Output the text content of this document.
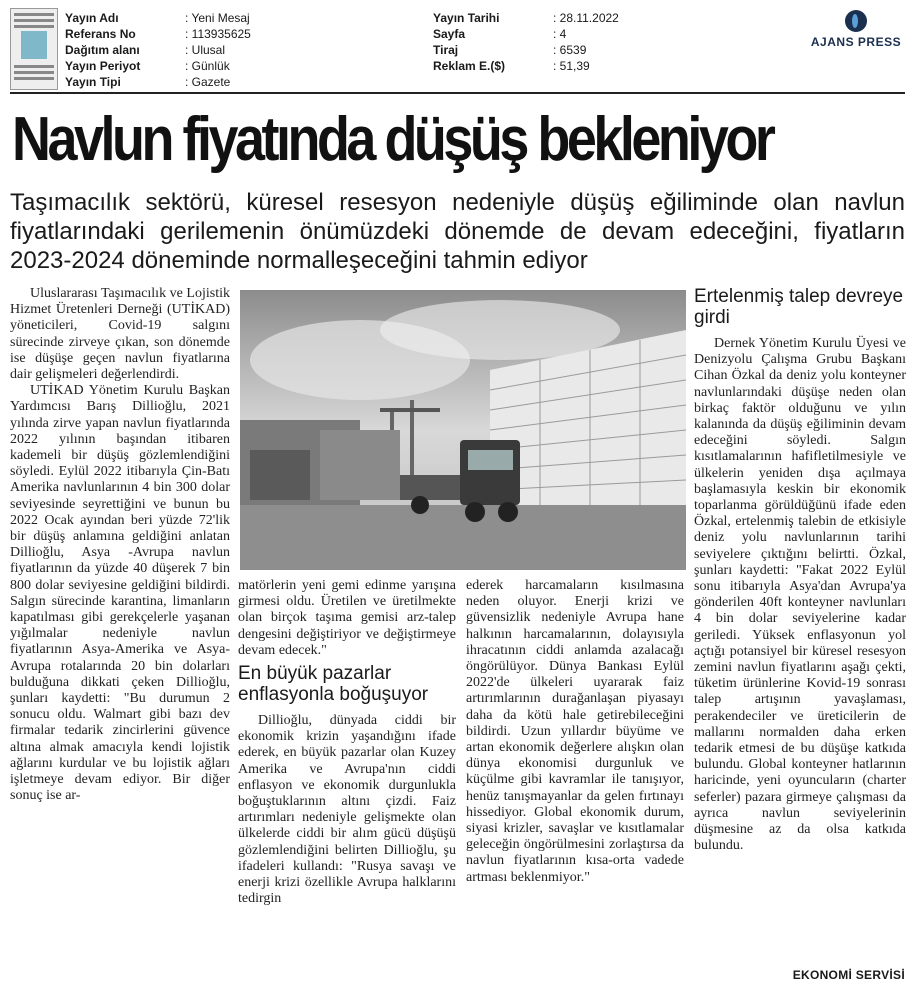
Yayın Adı	: Yeni Mesaj
Referans No	: 113935625
Dağıtım alanı	: Ulusal
Yayın Periyot	: Günlük
Yayın Tipi	: Gazete
Yayın Tarihi	: 28.11.2022
Sayfa	: 4
Tiraj	: 6539
Reklam E.($)	: 51,39
AJANS PRESS
Navlun fiyatında düşüş bekleniyor
Taşımacılık sektörü, küresel resesyon nedeniyle düşüş eğiliminde olan navlun fiyatlarındaki gerilemenin önümüzdeki dönemde de devam edeceğini, fiyatların 2023-2024 döneminde normalleşeceğini tahmin ediyor

Uluslararası Taşımacılık ve Lojistik Hizmet Üretenleri Derneği (UTİKAD) yöneticileri, Covid-19 salgını sürecinde zirveye çıkan, son dönemde ise düşüşe geçen navlun fiyatlarına dair gelişmeleri değerlendirdi.

UTİKAD Yönetim Kurulu Başkan Yardımcısı Barış Dillioğlu, 2021 yılında zirve yapan navlun fiyatlarında 2022 yılının başından itibaren kademeli bir düşüş gözlemlendiğini söyledi. Eylül 2022 itibarıyla Çin-Batı Amerika navlunlarının 4 bin 300 dolar seviyesinde seyrettiğini ve bunun bu 2022 Ocak ayından beri yüzde 72'lik bir düşüş anlamına geldiğini anlatan Dillioğlu, Asya -Avrupa navlun fiyatlarının da yüzde 40 düşerek 7 bin 800 dolar seviyesine geldiğini bildirdi. Salgın sürecinde karantina, limanların kapatılması gibi gerekçelerle yaşanan yığılmalar nedeniyle navlun fiyatlarının Asya-Amerika ve Asya-Avrupa rotalarında 20 bin dolarları bulduğuna dikkati çeken Dillioğlu, şunları kaydetti: "Bu durumun 2 sonucu oldu. Walmart gibi bazı dev firmalar tedarik zincirlerini güvence altına almak amacıyla kendi lojistik ağlarını kurdular ve bu lojistik ağları işletmeye devam ediyor. Bir diğer sonuç ise ar-

matörlerin yeni gemi edinme yarışına girmesi oldu. Üretilen ve üretilmekte olan birçok taşıma gemisi arz-talep dengesini değiştiriyor ve değiştirmeye devam edecek."

En büyük pazarlar enflasyonla boğuşuyor

Dillioğlu, dünyada ciddi bir ekonomik krizin yaşandığını ifade ederek, en büyük pazarlar olan Kuzey Amerika ve Avrupa'nın ciddi enflasyon ve ekonomik durgunlukla boğuştuklarının altını çizdi. Faiz artırımları nedeniyle gelişmekte olan ülkelerde ciddi bir alım gücü düşüşü gözlemlendiğini belirten Dillioğlu, şu ifadeleri kullandı: "Rusya savaşı ve enerji krizi özellikle Avrupa halklarını tedirgin

ederek harcamaların kısılmasına neden oluyor. Enerji krizi ve güvensizlik nedeniyle Avrupa hane halkının harcamalarının, dolayısıyla ihracatının ciddi anlamda azalacağı öngörülüyor. Dünya Bankası Eylül 2022'de ülkeleri uyararak faiz artırımlarının durağanlaşan piyasayı daha da kötü hale getirebileceğini bildirdi. Uzun yıllardır büyüme ve artan ekonomik değerlere alışkın olan dünya ekonomisi durgunluk ve küçülme gibi kavramlar ile tanışıyor, henüz tanışmayanlar da gelen fırtınayı hissediyor. Global ekonomik durum, siyasi krizler, savaşlar ve kısıtlamalar geleceğin öngörülmesini zorlaştırsa da navlun fiyatlarının kısa-orta vadede artması beklenmiyor."

Ertelenmiş talep devreye girdi

Dernek Yönetim Kurulu Üyesi ve Denizyolu Çalışma Grubu Başkanı Cihan Özkal da deniz yolu konteyner navlunlarındaki düşüşe neden olan birkaç faktör olduğunu ve yılın kalanında da düşüş eğiliminin devam edeceğini söyledi. Salgın kısıtlamalarının hafifletilmesiyle ve ülkelerin yeniden dışa açılmaya başlamasıyla keskin bir ekonomik toparlanma görüldüğünü ifade eden Özkal, ertelenmiş talebin de etkisiyle deniz yolu navlunlarının tarihi seviyelere çıktığını belirtti. Özkal, şunları kaydetti: "Fakat 2022 Eylül sonu itibarıyla Asya'dan Avrupa'ya gönderilen 40ft konteyner navlunları 4 bin dolar seviyelerine kadar geriledi. Yüksek enflasyonun yol açtığı potansiyel bir küresel resesyon zemini navlun fiyatlarını aşağı çekti, tüketim ürünlerine Kovid-19 sonrası talep artışının yavaşlaması, perakendeciler ve üreticilerin de mallarını normalden daha erken tedarik etmesi de bu düşüşe katkıda bulundu. Global konteyner hatlarının haricinde, yeni oyuncuların (charter seferler) pazara girmeye çalışması da ayrıca navlun seviyelerinin düşmesine az da olsa katkıda bulundu.

EKONOMİ SERVİSİ
